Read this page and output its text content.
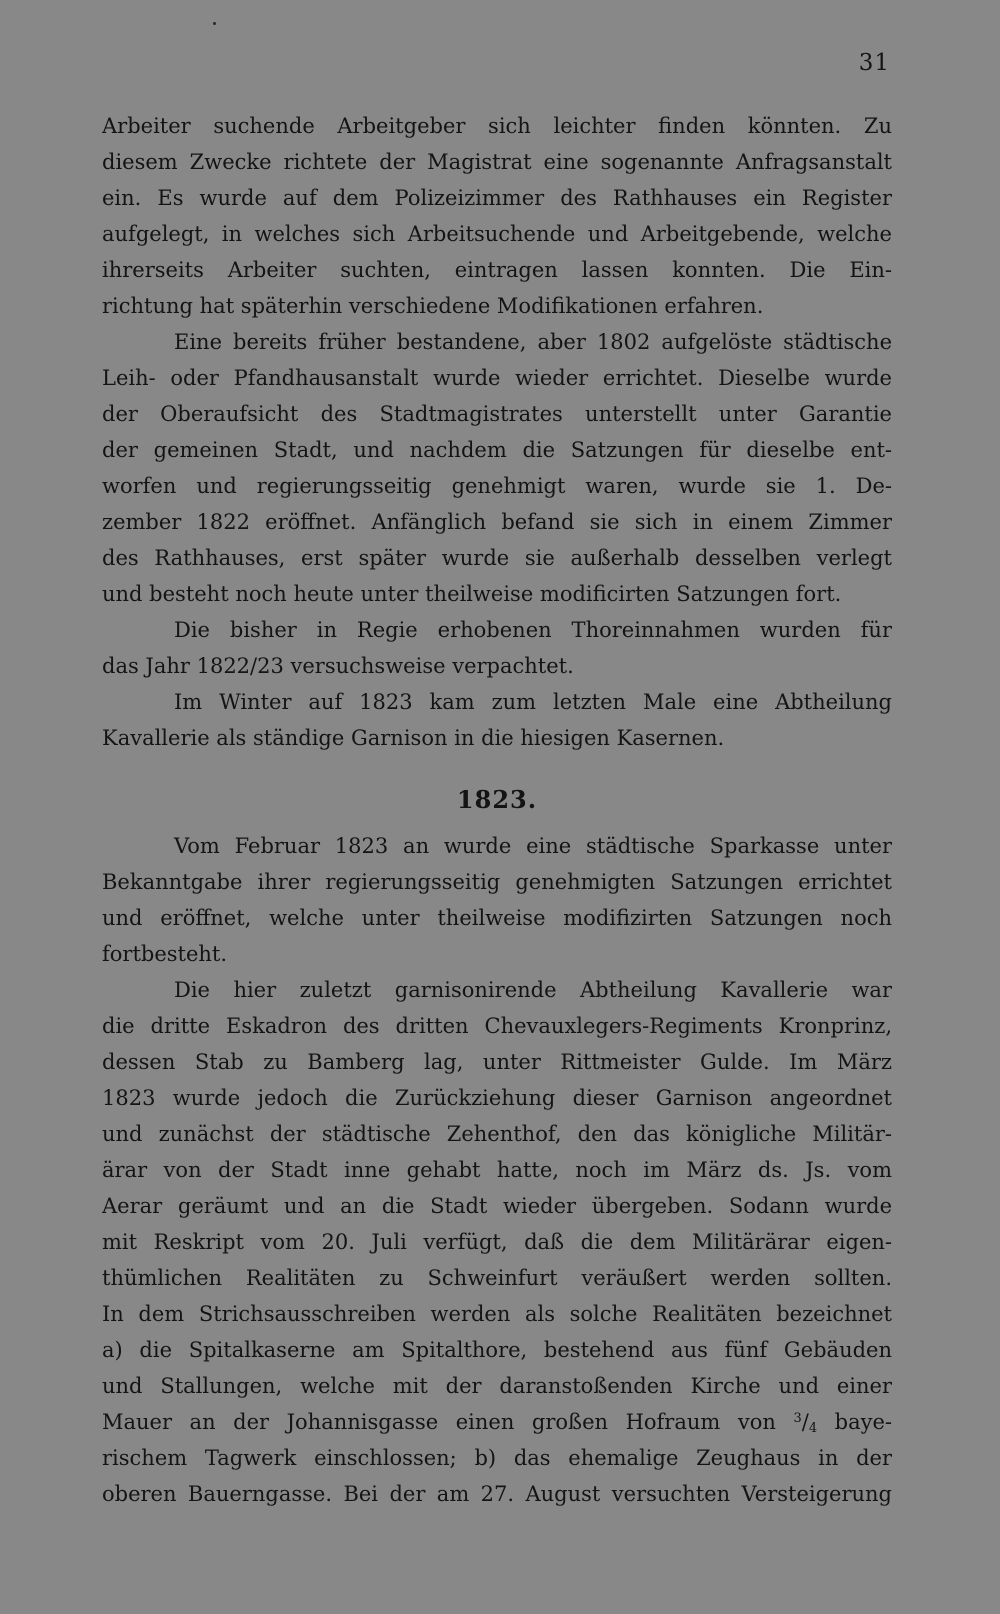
31
Arbeiter suchende Arbeitgeber sich leichter finden könnten. Zu
diesem Zwecke richtete der Magistrat eine sogenannte Anfragsanstalt
ein. Es wurde auf dem Polizeizimmer des Rathhauses ein Register
aufgelegt, in welches sich Arbeitsuchende und Arbeitgebende, welche
ihrerseits Arbeiter suchten, eintragen lassen konnten. Die Ein-
richtung hat späterhin verschiedene Modifikationen erfahren.
Eine bereits früher bestandene, aber 1802 aufgelöste städtische
Leih- oder Pfandhausanstalt wurde wieder errichtet. Dieselbe wurde
der Oberaufsicht des Stadtmagistrates unterstellt unter Garantie
der gemeinen Stadt, und nachdem die Satzungen für dieselbe ent-
worfen und regierungsseitig genehmigt waren, wurde sie 1. De-
zember 1822 eröffnet. Anfänglich befand sie sich in einem Zimmer
des Rathhauses, erst später wurde sie außerhalb desselben verlegt
und besteht noch heute unter theilweise modificirten Satzungen fort.
Die bisher in Regie erhobenen Thoreinnahmen wurden für
das Jahr 1822/23 versuchsweise verpachtet.
Im Winter auf 1823 kam zum letzten Male eine Abtheilung
Kavallerie als ständige Garnison in die hiesigen Kasernen.
1823.
Vom Februar 1823 an wurde eine städtische Sparkasse unter
Bekanntgabe ihrer regierungsseitig genehmigten Satzungen errichtet
und eröffnet, welche unter theilweise modifizirten Satzungen noch
fortbesteht.
Die hier zuletzt garnisonirende Abtheilung Kavallerie war
die dritte Eskadron des dritten Chevauxlegers-Regiments Kronprinz,
dessen Stab zu Bamberg lag, unter Rittmeister Gulde. Im März
1823 wurde jedoch die Zurückziehung dieser Garnison angeordnet
und zunächst der städtische Zehenthof, den das königliche Militär-
ärar von der Stadt inne gehabt hatte, noch im März ds. Js. vom
Aerar geräumt und an die Stadt wieder übergeben. Sodann wurde
mit Reskript vom 20. Juli verfügt, daß die dem Militärärar eigen-
thümlichen Realitäten zu Schweinfurt veräußert werden sollten.
In dem Strichsausschreiben werden als solche Realitäten bezeichnet
a) die Spitalkaserne am Spitalthore, bestehend aus fünf Gebäuden
und Stallungen, welche mit der daranstoßenden Kirche und einer
Mauer an der Johannisgasse einen großen Hofraum von $^3/_4$ baye-
rischem Tagwerk einschlossen; b) das ehemalige Zeughaus in der
oberen Bauerngasse. Bei der am 27. August versuchten Versteigerung
